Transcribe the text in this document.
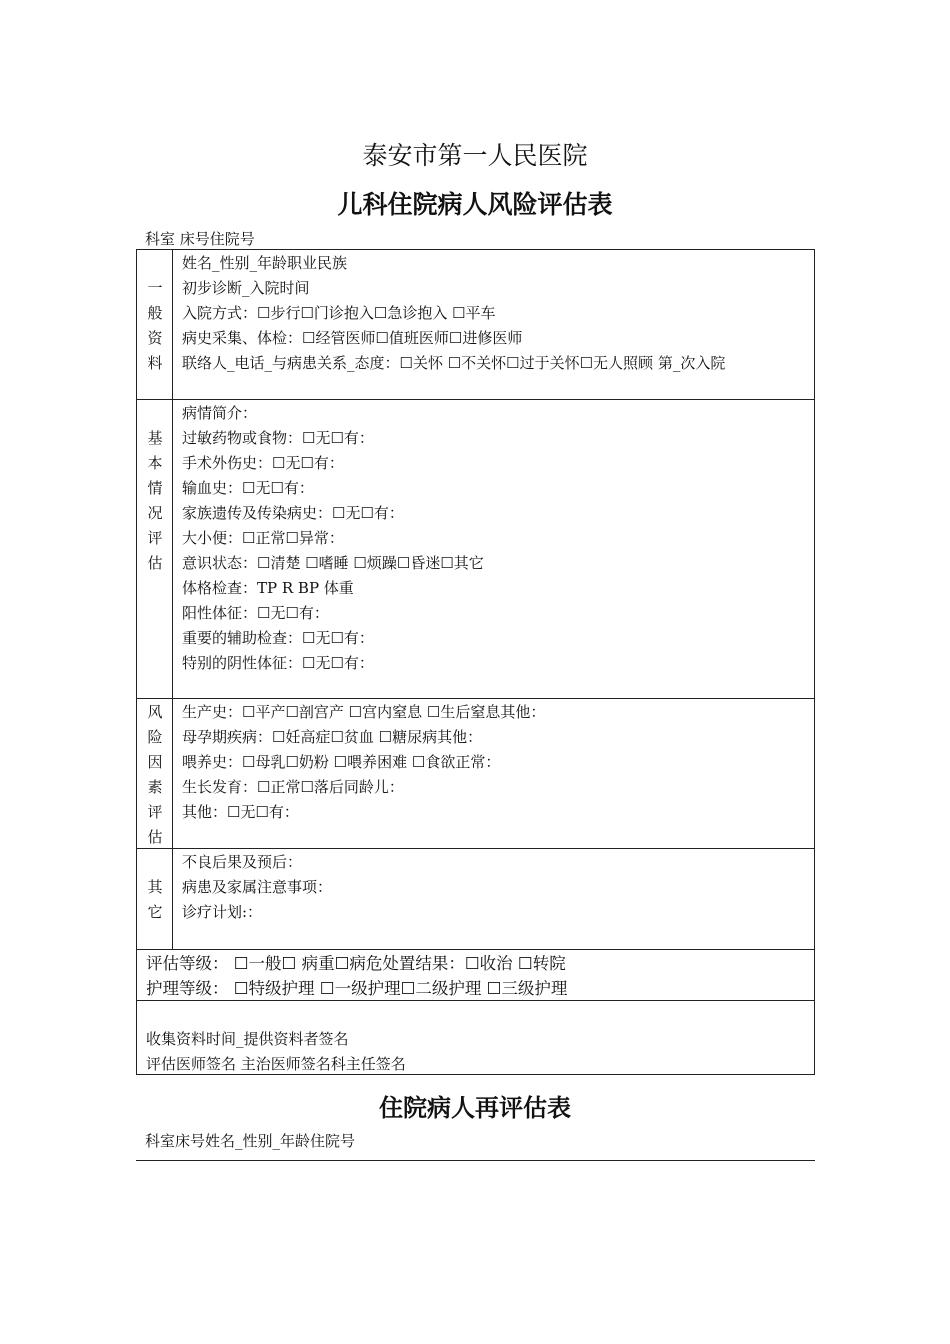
泰安市第一人民医院
儿科住院病人风险评估表
科室 床号住院号
一
般
资
料
姓名_性别_年龄职业民族
初步诊断_入院时间
入院方式：☐步行☐门诊抱入☐急诊抱入 ☐平车
病史采集、体检：☐经管医师☐值班医师☐进修医师
联络人_电话_与病患关系_态度：☐关怀 ☐不关怀☐过于关怀☐无人照顾 第_次入院
基
本
情
况
评
估
病情简介：
过敏药物或食物：☐无☐有：
手术外伤史：☐无☐有：
输血史：☐无☐有：
家族遗传及传染病史：☐无☐有：
大小便：☐正常☐异常：
意识状态：☐清楚 ☐嗜睡 ☐烦躁☐昏迷☐其它
体格检查：TP R BP 体重
阳性体征：☐无☐有：
重要的辅助检查：☐无☐有：
特别的阴性体征：☐无☐有：
风
险
因
素
评
估
生产史：☐平产☐剖宫产 ☐宫内窒息 ☐生后窒息其他：
母孕期疾病：☐妊高症☐贫血 ☐糖尿病其他：
喂养史：☐母乳☐奶粉 ☐喂养困难 ☐食欲正常：
生长发育：☐正常☐落后同龄儿：
其他：☐无☐有：
其
它
不良后果及预后：
病患及家属注意事项：
诊疗计划:：
评估等级： ☐一般☐ 病重☐病危处置结果：☐收治 ☐转院
护理等级： ☐特级护理 ☐一级护理☐二级护理 ☐三级护理
收集资料时间_提供资料者签名
评估医师签名 主治医师签名科主任签名
住院病人再评估表
科室床号姓名_性别_年龄住院号
